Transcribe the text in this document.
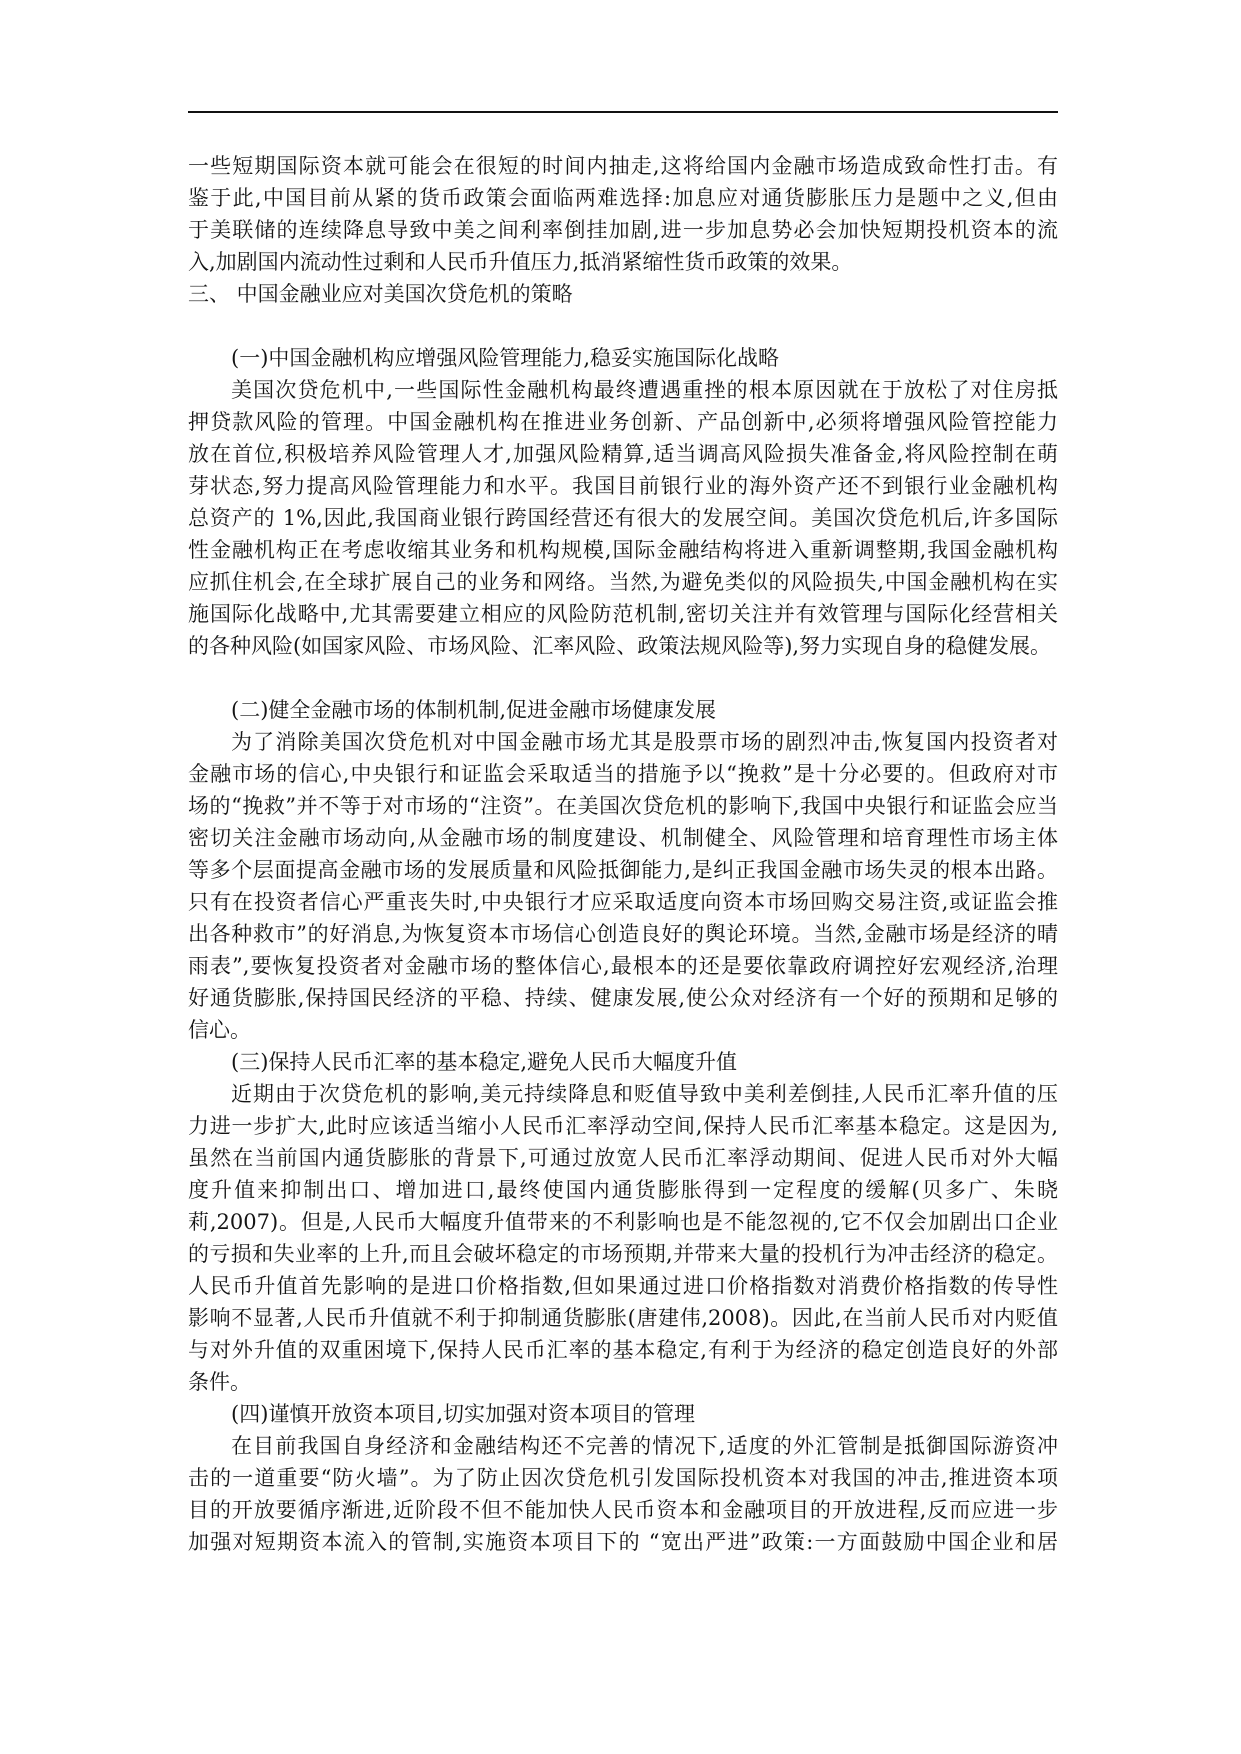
一些短期国际资本就可能会在很短的时间内抽走,这将给国内金融市场造成致命性打击。有
鉴于此,中国目前从紧的货币政策会面临两难选择:加息应对通货膨胀压力是题中之义,但由
于美联储的连续降息导致中美之间利率倒挂加剧,进一步加息势必会加快短期投机资本的流
入,加剧国内流动性过剩和人民币升值压力,抵消紧缩性货币政策的效果。
三、 中国金融业应对美国次贷危机的策略
(一)中国金融机构应增强风险管理能力,稳妥实施国际化战略
美国次贷危机中,一些国际性金融机构最终遭遇重挫的根本原因就在于放松了对住房抵
押贷款风险的管理。中国金融机构在推进业务创新、产品创新中,必须将增强风险管控能力
放在首位,积极培养风险管理人才,加强风险精算,适当调高风险损失准备金,将风险控制在萌
芽状态,努力提高风险管理能力和水平。我国目前银行业的海外资产还不到银行业金融机构
总资产的 1%,因此,我国商业银行跨国经营还有很大的发展空间。美国次贷危机后,许多国际
性金融机构正在考虑收缩其业务和机构规模,国际金融结构将进入重新调整期,我国金融机构
应抓住机会,在全球扩展自己的业务和网络。当然,为避免类似的风险损失,中国金融机构在实
施国际化战略中,尤其需要建立相应的风险防范机制,密切关注并有效管理与国际化经营相关
的各种风险(如国家风险、市场风险、汇率风险、政策法规风险等),努力实现自身的稳健发展。
(二)健全金融市场的体制机制,促进金融市场健康发展
为了消除美国次贷危机对中国金融市场尤其是股票市场的剧烈冲击,恢复国内投资者对
金融市场的信心,中央银行和证监会采取适当的措施予以“挽救”是十分必要的。但政府对市
场的“挽救”并不等于对市场的“注资”。在美国次贷危机的影响下,我国中央银行和证监会应当
密切关注金融市场动向,从金融市场的制度建设、机制健全、风险管理和培育理性市场主体
等多个层面提高金融市场的发展质量和风险抵御能力,是纠正我国金融市场失灵的根本出路。
只有在投资者信心严重丧失时,中央银行才应采取适度向资本市场回购交易注资,或证监会推
出各种救市”的好消息,为恢复资本市场信心创造良好的舆论环境。当然,金融市场是经济的晴
雨表”,要恢复投资者对金融市场的整体信心,最根本的还是要依靠政府调控好宏观经济,治理
好通货膨胀,保持国民经济的平稳、持续、健康发展,使公众对经济有一个好的预期和足够的
信心。
(三)保持人民币汇率的基本稳定,避免人民币大幅度升值
近期由于次贷危机的影响,美元持续降息和贬值导致中美利差倒挂,人民币汇率升值的压
力进一步扩大,此时应该适当缩小人民币汇率浮动空间,保持人民币汇率基本稳定。这是因为,
虽然在当前国内通货膨胀的背景下,可通过放宽人民币汇率浮动期间、促进人民币对外大幅
度升值来抑制出口、增加进口,最终使国内通货膨胀得到一定程度的缓解(贝多广、朱晓
莉,2007)。但是,人民币大幅度升值带来的不利影响也是不能忽视的,它不仅会加剧出口企业
的亏损和失业率的上升,而且会破坏稳定的市场预期,并带来大量的投机行为冲击经济的稳定。
人民币升值首先影响的是进口价格指数,但如果通过进口价格指数对消费价格指数的传导性
影响不显著,人民币升值就不利于抑制通货膨胀(唐建伟,2008)。因此,在当前人民币对内贬值
与对外升值的双重困境下,保持人民币汇率的基本稳定,有利于为经济的稳定创造良好的外部
条件。
(四)谨慎开放资本项目,切实加强对资本项目的管理
在目前我国自身经济和金融结构还不完善的情况下,适度的外汇管制是抵御国际游资冲
击的一道重要“防火墙”。为了防止因次贷危机引发国际投机资本对我国的冲击,推进资本项
目的开放要循序渐进,近阶段不但不能加快人民币资本和金融项目的开放进程,反而应进一步
加强对短期资本流入的管制,实施资本项目下的 “宽出严进”政策:一方面鼓励中国企业和居
